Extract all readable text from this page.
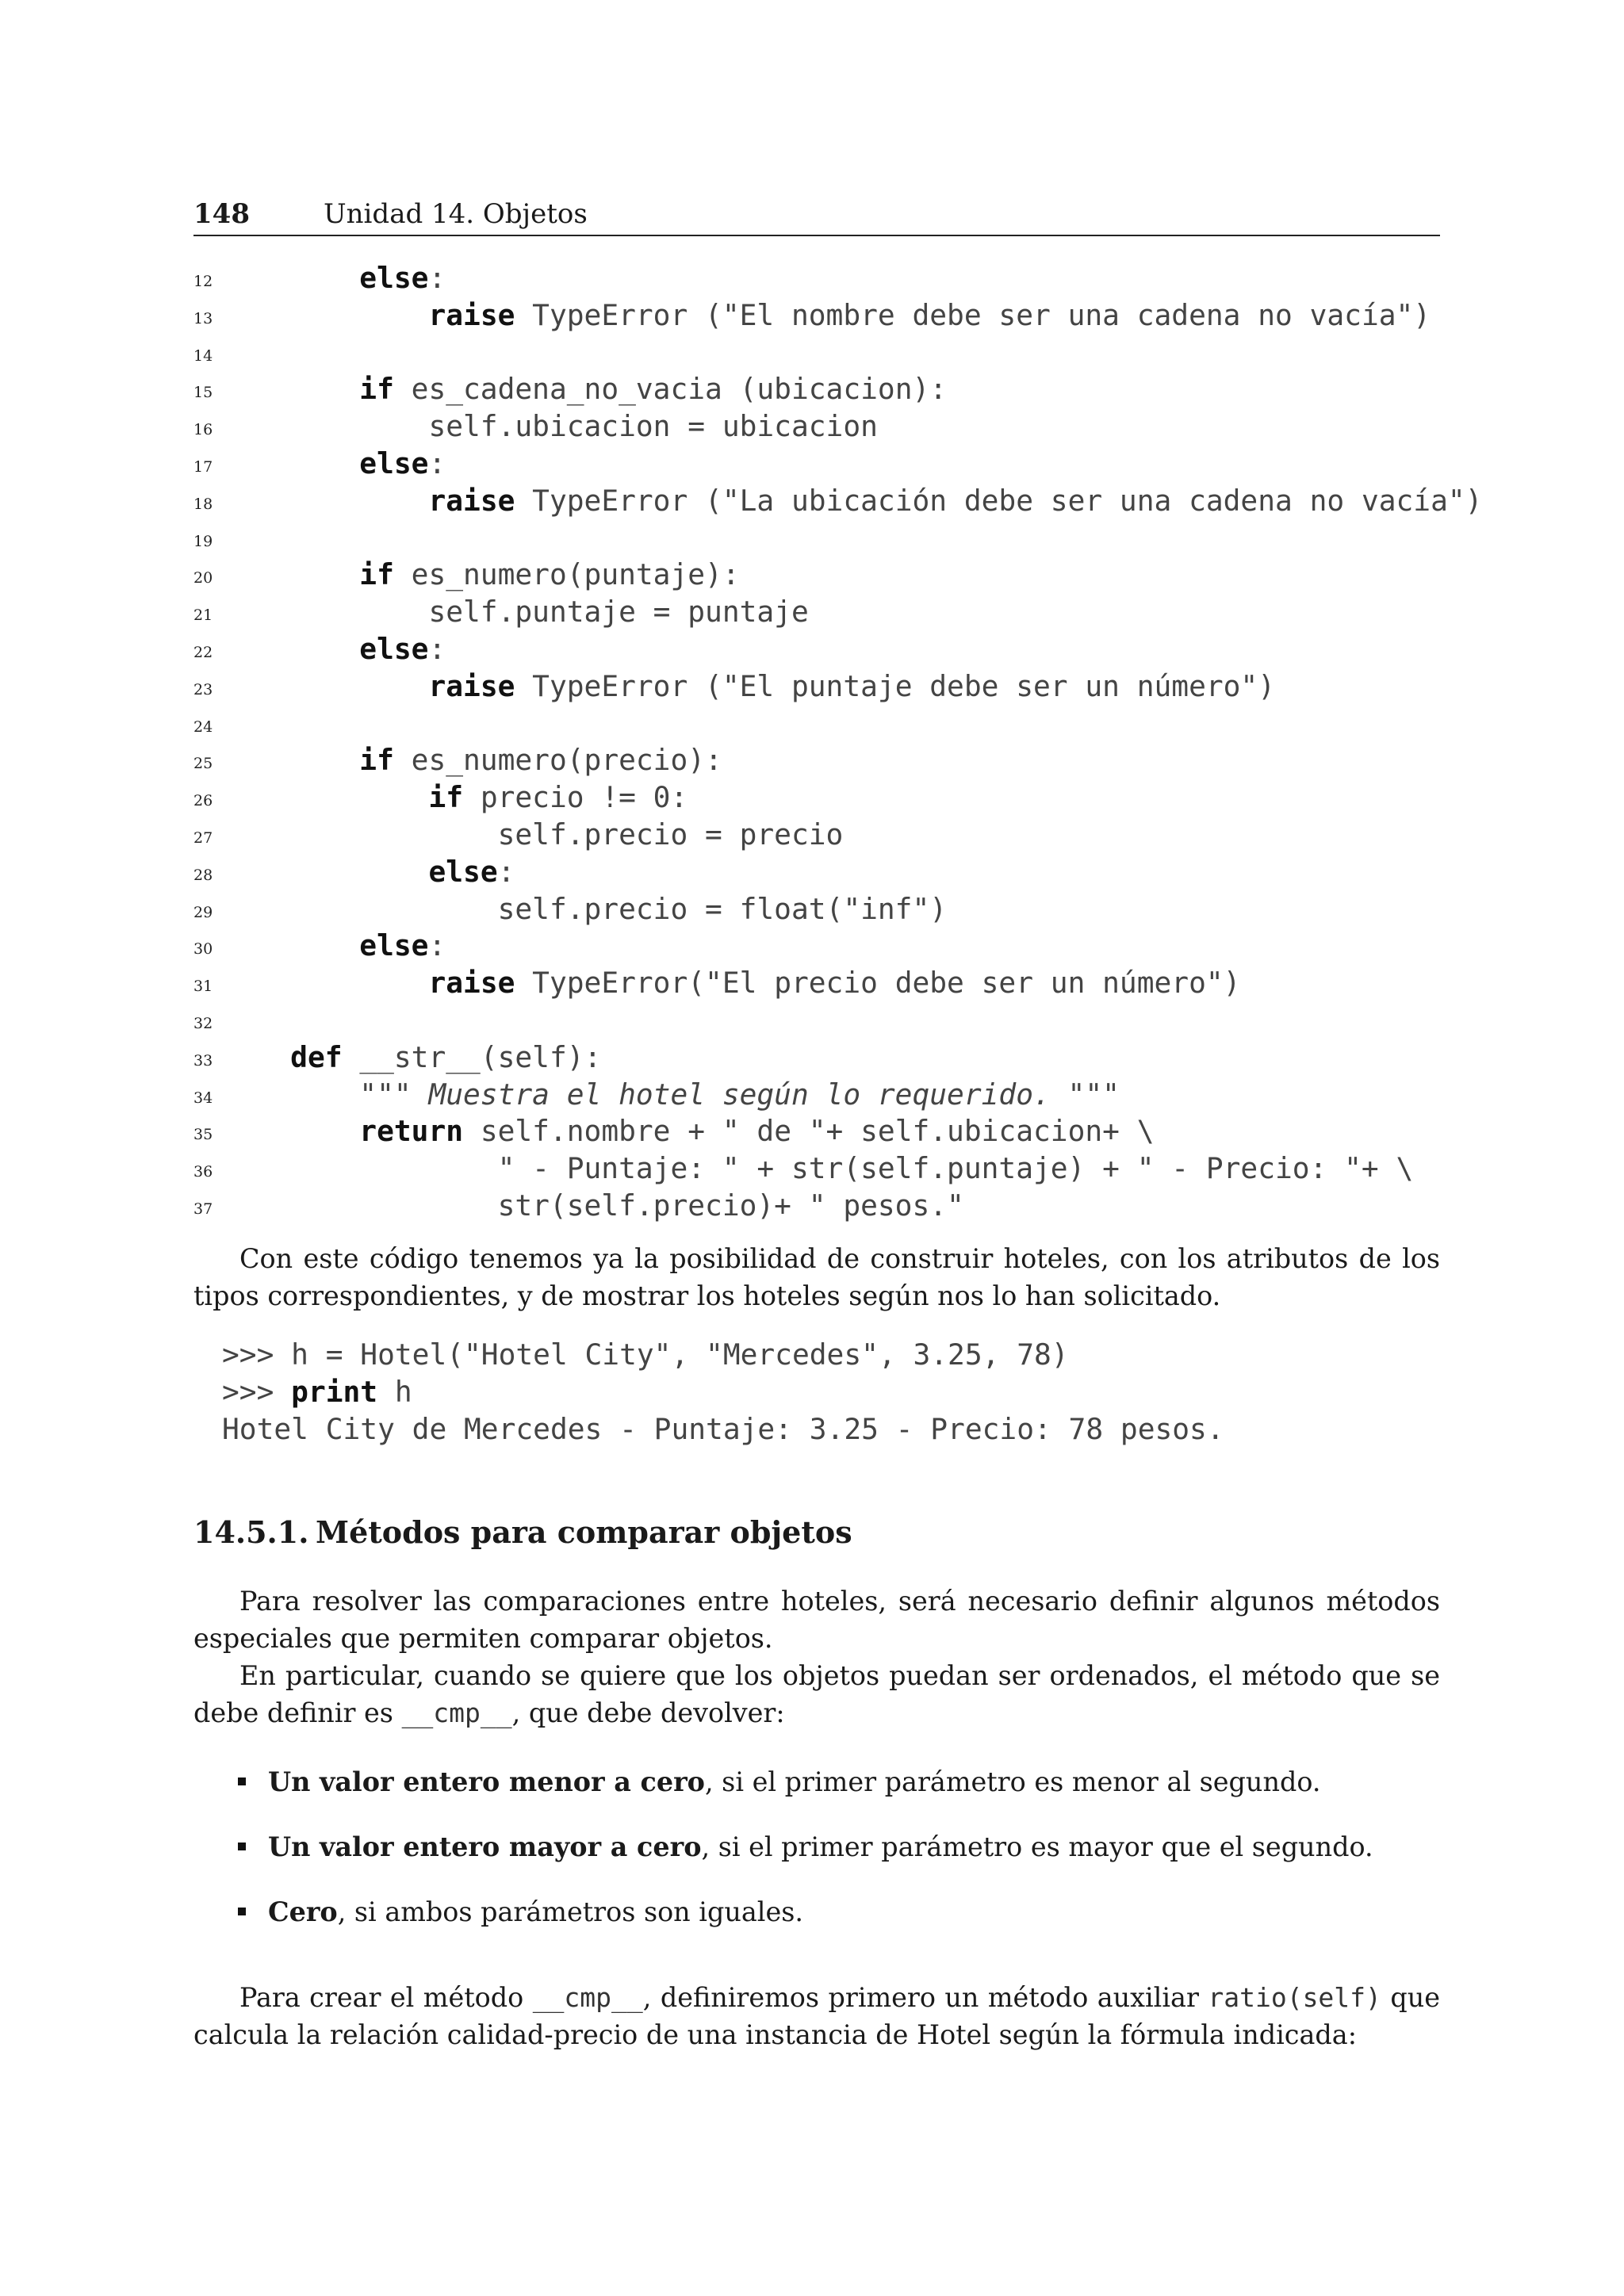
148	Unidad 14. Objetos
12	else:
13	raise TypeError ("El nombre debe ser una cadena no vacía")
14
15	if es_cadena_no_vacia (ubicacion):
16 self.ubicacion = ubicacion
17	else:
18	raise TypeError ("La ubicación debe ser una cadena no vacía")
19
20	if es_numero(puntaje):
21 self.puntaje = puntaje
22	else:
23	raise TypeError ("El puntaje debe ser un número")
24
25	if es_numero(precio):
26	if precio != 0:
27 self.precio = precio
28	else:
29 self.precio = float("inf")
30	else:
31	raise TypeError("El precio debe ser un número")
32
33	def __str__(self):
34	""" Muestra el hotel según lo requerido. """
35	return self.nombre + " de "+ self.ubicacion+ \
36 " - Puntaje: " + str(self.puntaje) + " - Precio: "+ \
37 str(self.precio)+ " pesos."
Con este código tenemos ya la posibilidad de construir hoteles, con los atributos de los tipos correspondientes, y de mostrar los hoteles según nos lo han solicitado.
>>> h = Hotel("Hotel City", "Mercedes", 3.25, 78)
>>> print h
Hotel City de Mercedes - Puntaje: 3.25 - Precio: 78 pesos.
14.5.1. Métodos para comparar objetos
Para resolver las comparaciones entre hoteles, será necesario definir algunos métodos especiales que permiten comparar objetos.
En particular, cuando se quiere que los objetos puedan ser ordenados, el método que se debe definir es __cmp__, que debe devolver:
Un valor entero menor a cero, si el primer parámetro es menor al segundo.
Un valor entero mayor a cero, si el primer parámetro es mayor que el segundo.
Cero, si ambos parámetros son iguales.
Para crear el método __cmp__, definiremos primero un método auxiliar ratio(self) que calcula la relación calidad-precio de una instancia de Hotel según la fórmula indicada:
